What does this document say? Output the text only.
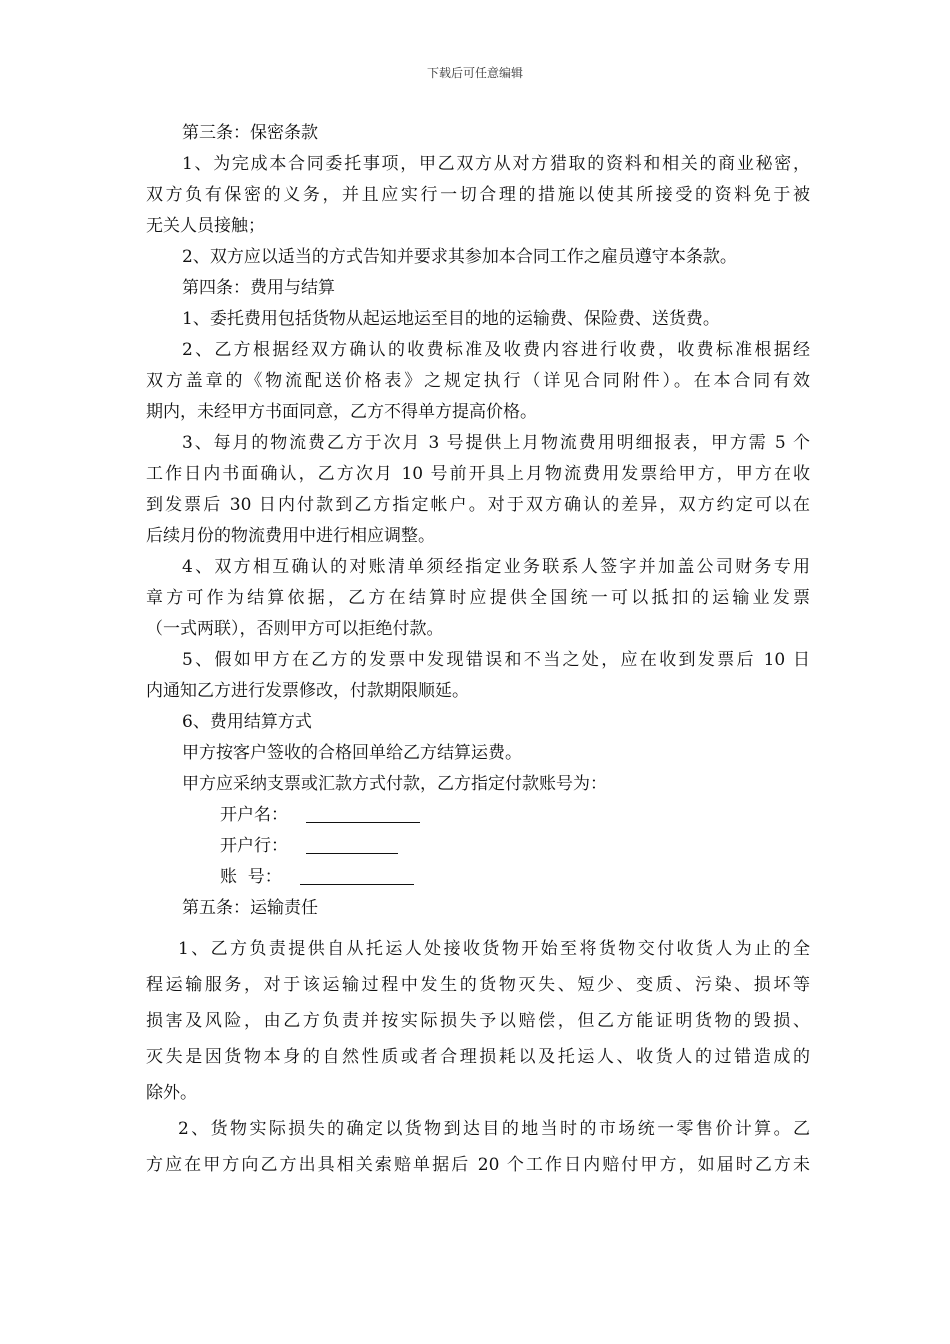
下载后可任意编辑
第三条：保密条款
1、为完成本合同委托事项，甲乙双方从对方猎取的资料和相关的商业秘密，
双方负有保密的义务，并且应实行一切合理的措施以使其所接受的资料免于被
无关人员接触；
2、双方应以适当的方式告知并要求其参加本合同工作之雇员遵守本条款。
第四条：费用与结算
1、委托费用包括货物从起运地运至目的地的运输费、保险费、送货费。
2、乙方根据经双方确认的收费标准及收费内容进行收费，收费标准根据经
双方盖章的《物流配送价格表》之规定执行（详见合同附件）。在本合同有效
期内，未经甲方书面同意，乙方不得单方提高价格。
3、每月的物流费乙方于次月 3 号提供上月物流费用明细报表，甲方需 5 个
工作日内书面确认，乙方次月 10 号前开具上月物流费用发票给甲方，甲方在收
到发票后 30 日内付款到乙方指定帐户。对于双方确认的差异，双方约定可以在
后续月份的物流费用中进行相应调整。
4、双方相互确认的对账清单须经指定业务联系人签字并加盖公司财务专用
章方可作为结算依据，乙方在结算时应提供全国统一可以抵扣的运输业发票
（一式两联），否则甲方可以拒绝付款。
5、假如甲方在乙方的发票中发现错误和不当之处，应在收到发票后 10 日
内通知乙方进行发票修改，付款期限顺延。
6、费用结算方式
甲方按客户签收的合格回单给乙方结算运费。
甲方应采纳支票或汇款方式付款，乙方指定付款账号为：
开户名：
开户行：
账  号：
第五条：运输责任
1、乙方负责提供自从托运人处接收货物开始至将货物交付收货人为止的全
程运输服务，对于该运输过程中发生的货物灭失、短少、变质、污染、损坏等
损害及风险，由乙方负责并按实际损失予以赔偿，但乙方能证明货物的毁损、
灭失是因货物本身的自然性质或者合理损耗以及托运人、收货人的过错造成的
除外。
2、货物实际损失的确定以货物到达目的地当时的市场统一零售价计算。乙
方应在甲方向乙方出具相关索赔单据后 20 个工作日内赔付甲方，如届时乙方未
